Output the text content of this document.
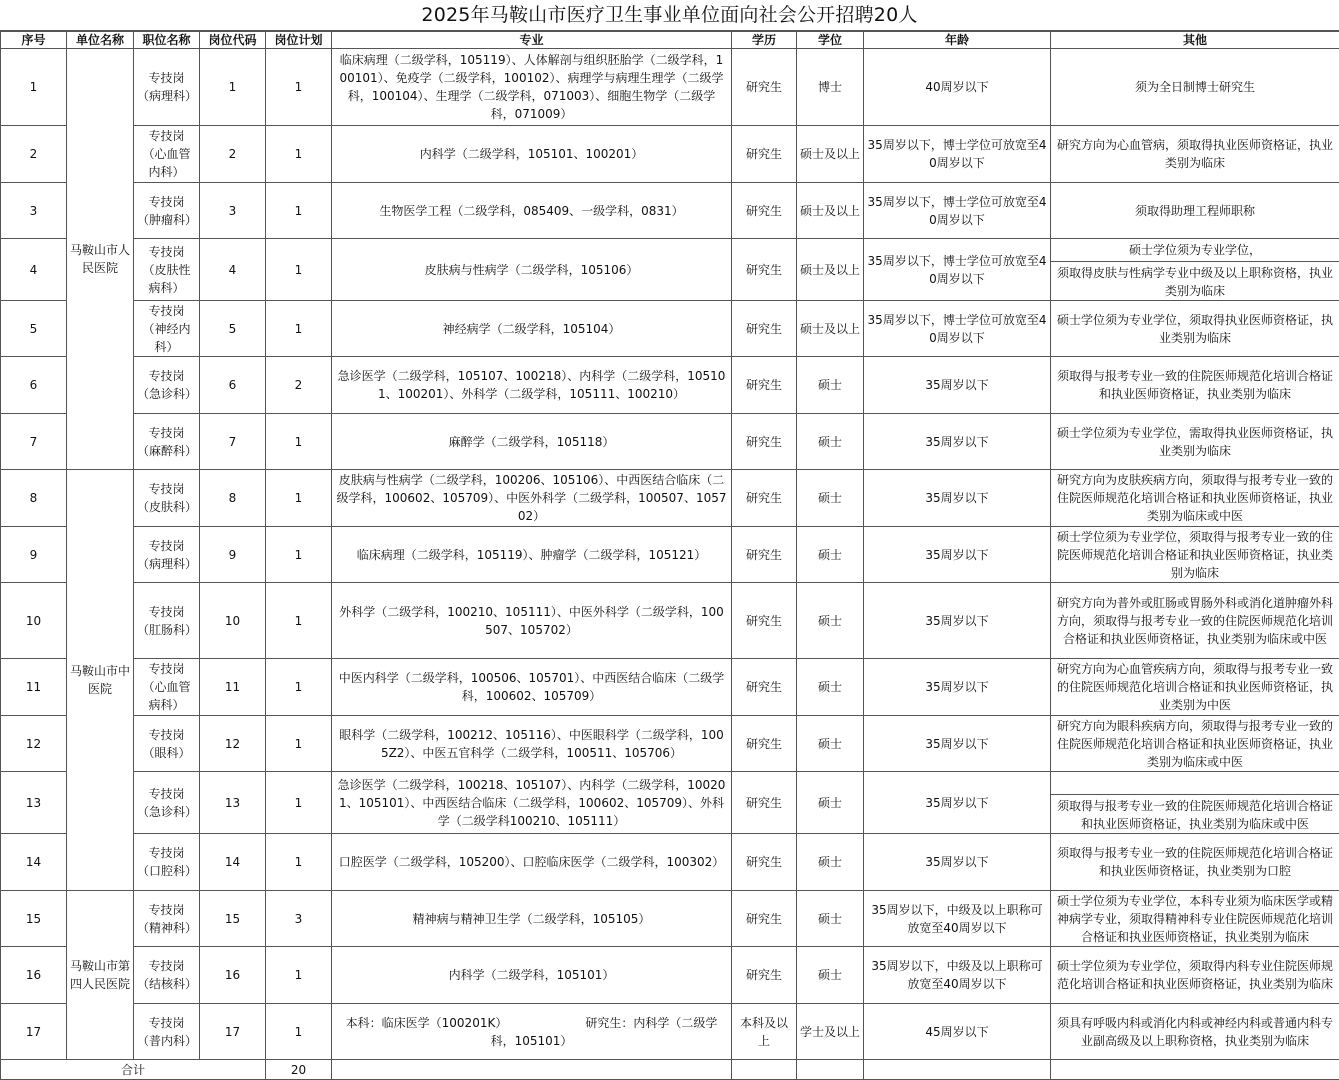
2025年马鞍山市医疗卫生事业单位面向社会公开招聘20人
序号	单位名称	职位名称	岗位代码	岗位计划	专业	学历	学位	年龄	其他
1	马鞍山市人民医院	专技岗（病理科）	1	1	临床病理（二级学科，105119）、人体解剖与组织胚胎学（二级学科，100101）、免疫学（二级学科，100102）、病理学与病理生理学（二级学科，100104）、生理学（二级学科，071003）、细胞生物学（二级学科，071009）	研究生	博士	40周岁以下	须为全日制博士研究生
2		专技岗（心血管内科）	2	1	内科学（二级学科，105101、100201）	研究生	硕士及以上	35周岁以下，博士学位可放宽至40周岁以下	研究方向为心血管病，须取得执业医师资格证，执业类别为临床
3		专技岗（肿瘤科）	3	1	生物医学工程（二级学科，085409、一级学科，0831）	研究生	硕士及以上	35周岁以下，博士学位可放宽至40周岁以下	须取得助理工程师职称
4		专技岗（皮肤性病科）	4	1	皮肤病与性病学（二级学科，105106）	研究生	硕士及以上	35周岁以下，博士学位可放宽至40周岁以下	硕士学位须为专业学位，
须取得皮肤与性病学专业中级及以上职称资格，执业类别为临床

5		专技岗（神经内科）	5	1	神经病学（二级学科，105104）	研究生	硕士及以上	35周岁以下，博士学位可放宽至40周岁以下	硕士学位须为专业学位，须取得执业医师资格证，执业类别为临床
6		专技岗（急诊科）	6	2	急诊医学（二级学科，105107、100218）、内科学（二级学科，105101、100201）、外科学（二级学科，105111、100210）	研究生	硕士	35周岁以下	须取得与报考专业一致的住院医师规范化培训合格证和执业医师资格证，执业类别为临床
7		专技岗（麻醉科）	7	1	麻醉学（二级学科，105118）	研究生	硕士	35周岁以下	硕士学位须为专业学位，需取得执业医师资格证，执业类别为临床
8	马鞍山市中医院	专技岗（皮肤科）	8	1	皮肤病与性病学（二级学科，100206、105106）、中西医结合临床（二级学科，100602、105709）、中医外科学（二级学科，100507、105702）	研究生	硕士	35周岁以下	研究方向为皮肤疾病方向，须取得与报考专业一致的住院医师规范化培训合格证和执业医师资格证，执业类别为临床或中医
9		专技岗（病理科）	9	1	临床病理（二级学科，105119）、肿瘤学（二级学科，105121）	研究生	硕士	35周岁以下	硕士学位须为专业学位，须取得与报考专业一致的住院医师规范化培训合格证和执业医师资格证，执业类别为临床
10		专技岗（肛肠科）	10	1	外科学（二级学科，100210、105111）、中医外科学（二级学科，100507、105702）	研究生	硕士	35周岁以下	研究方向为普外或肛肠或胃肠外科或消化道肿瘤外科方向，须取得与报考专业一致的住院医师规范化培训合格证和执业医师资格证，执业类别为临床或中医
11		专技岗（心血管病科）	11	1	中医内科学（二级学科，100506、105701）、中西医结合临床（二级学科，100602、105709）	研究生	硕士	35周岁以下	研究方向为心血管疾病方向，须取得与报考专业一致的住院医师规范化培训合格证和执业医师资格证，执业类别为中医
12		专技岗（眼科）	12	1	眼科学（二级学科，100212、105116）、中医眼科学（二级学科，1005Z2）、中医五官科学（二级学科，100511、105706）	研究生	硕士	35周岁以下	研究方向为眼科疾病方向，须取得与报考专业一致的住院医师规范化培训合格证和执业医师资格证，执业类别为临床或中医
13		专技岗（急诊科）	13	1	急诊医学（二级学科，100218、105107）、内科学（二级学科，100201、105101）、中西医结合临床（二级学科，100602、105709）、外科学（二级学科100210、105111）	研究生	硕士	35周岁以下	须取得与报考专业一致的住院医师规范化培训合格证和执业医师资格证，执业类别为临床或中医

14		专技岗（口腔科）	14	1	口腔医学（二级学科，105200）、口腔临床医学（二级学科，100302）	研究生	硕士	35周岁以下	须取得与报考专业一致的住院医师规范化培训合格证和执业医师资格证，执业类别为口腔
15	马鞍山市第四人民医院	专技岗（精神科）	15	3	精神病与精神卫生学（二级学科，105105）	研究生	硕士	35周岁以下，中级及以上职称可放宽至40周岁以下	硕士学位须为专业学位，本科专业须为临床医学或精神病学专业，须取得精神科专业住院医师规范化培训合格证和执业医师资格证，执业类别为临床
16		专技岗（结核科）	16	1	内科学（二级学科，105101）	研究生	硕士	35周岁以下，中级及以上职称可放宽至40周岁以下	硕士学位须为专业学位，须取得内科专业住院医师规范化培训合格证和执业医师资格证，执业类别为临床
17		专技岗（普内科）	17	1	本科：临床医学（100201K）　　　　　　　研究生：内科学（二级学科，105101）	本科及以上	学士及以上	45周岁以下	须具有呼吸内科或消化内科或神经内科或普通内科专业副高级及以上职称资格，执业类别为临床
合计				20					
